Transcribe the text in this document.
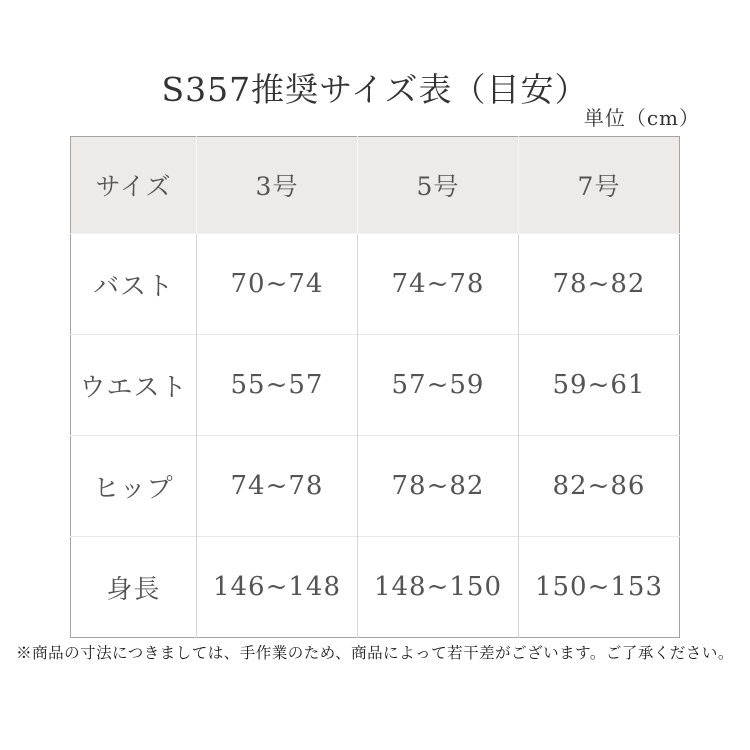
S357推奨サイズ表（目安）
単位（cm）
サイズ	3号	5号	7号
バスト	70~74	74~78	78~82
ウエスト	55~57	57~59	59~61
ヒップ	74~78	78~82	82~86
身長	146~148	148~150	150~153
※商品の寸法につきましては、手作業のため、商品によって若干差がございます。ご了承ください。
